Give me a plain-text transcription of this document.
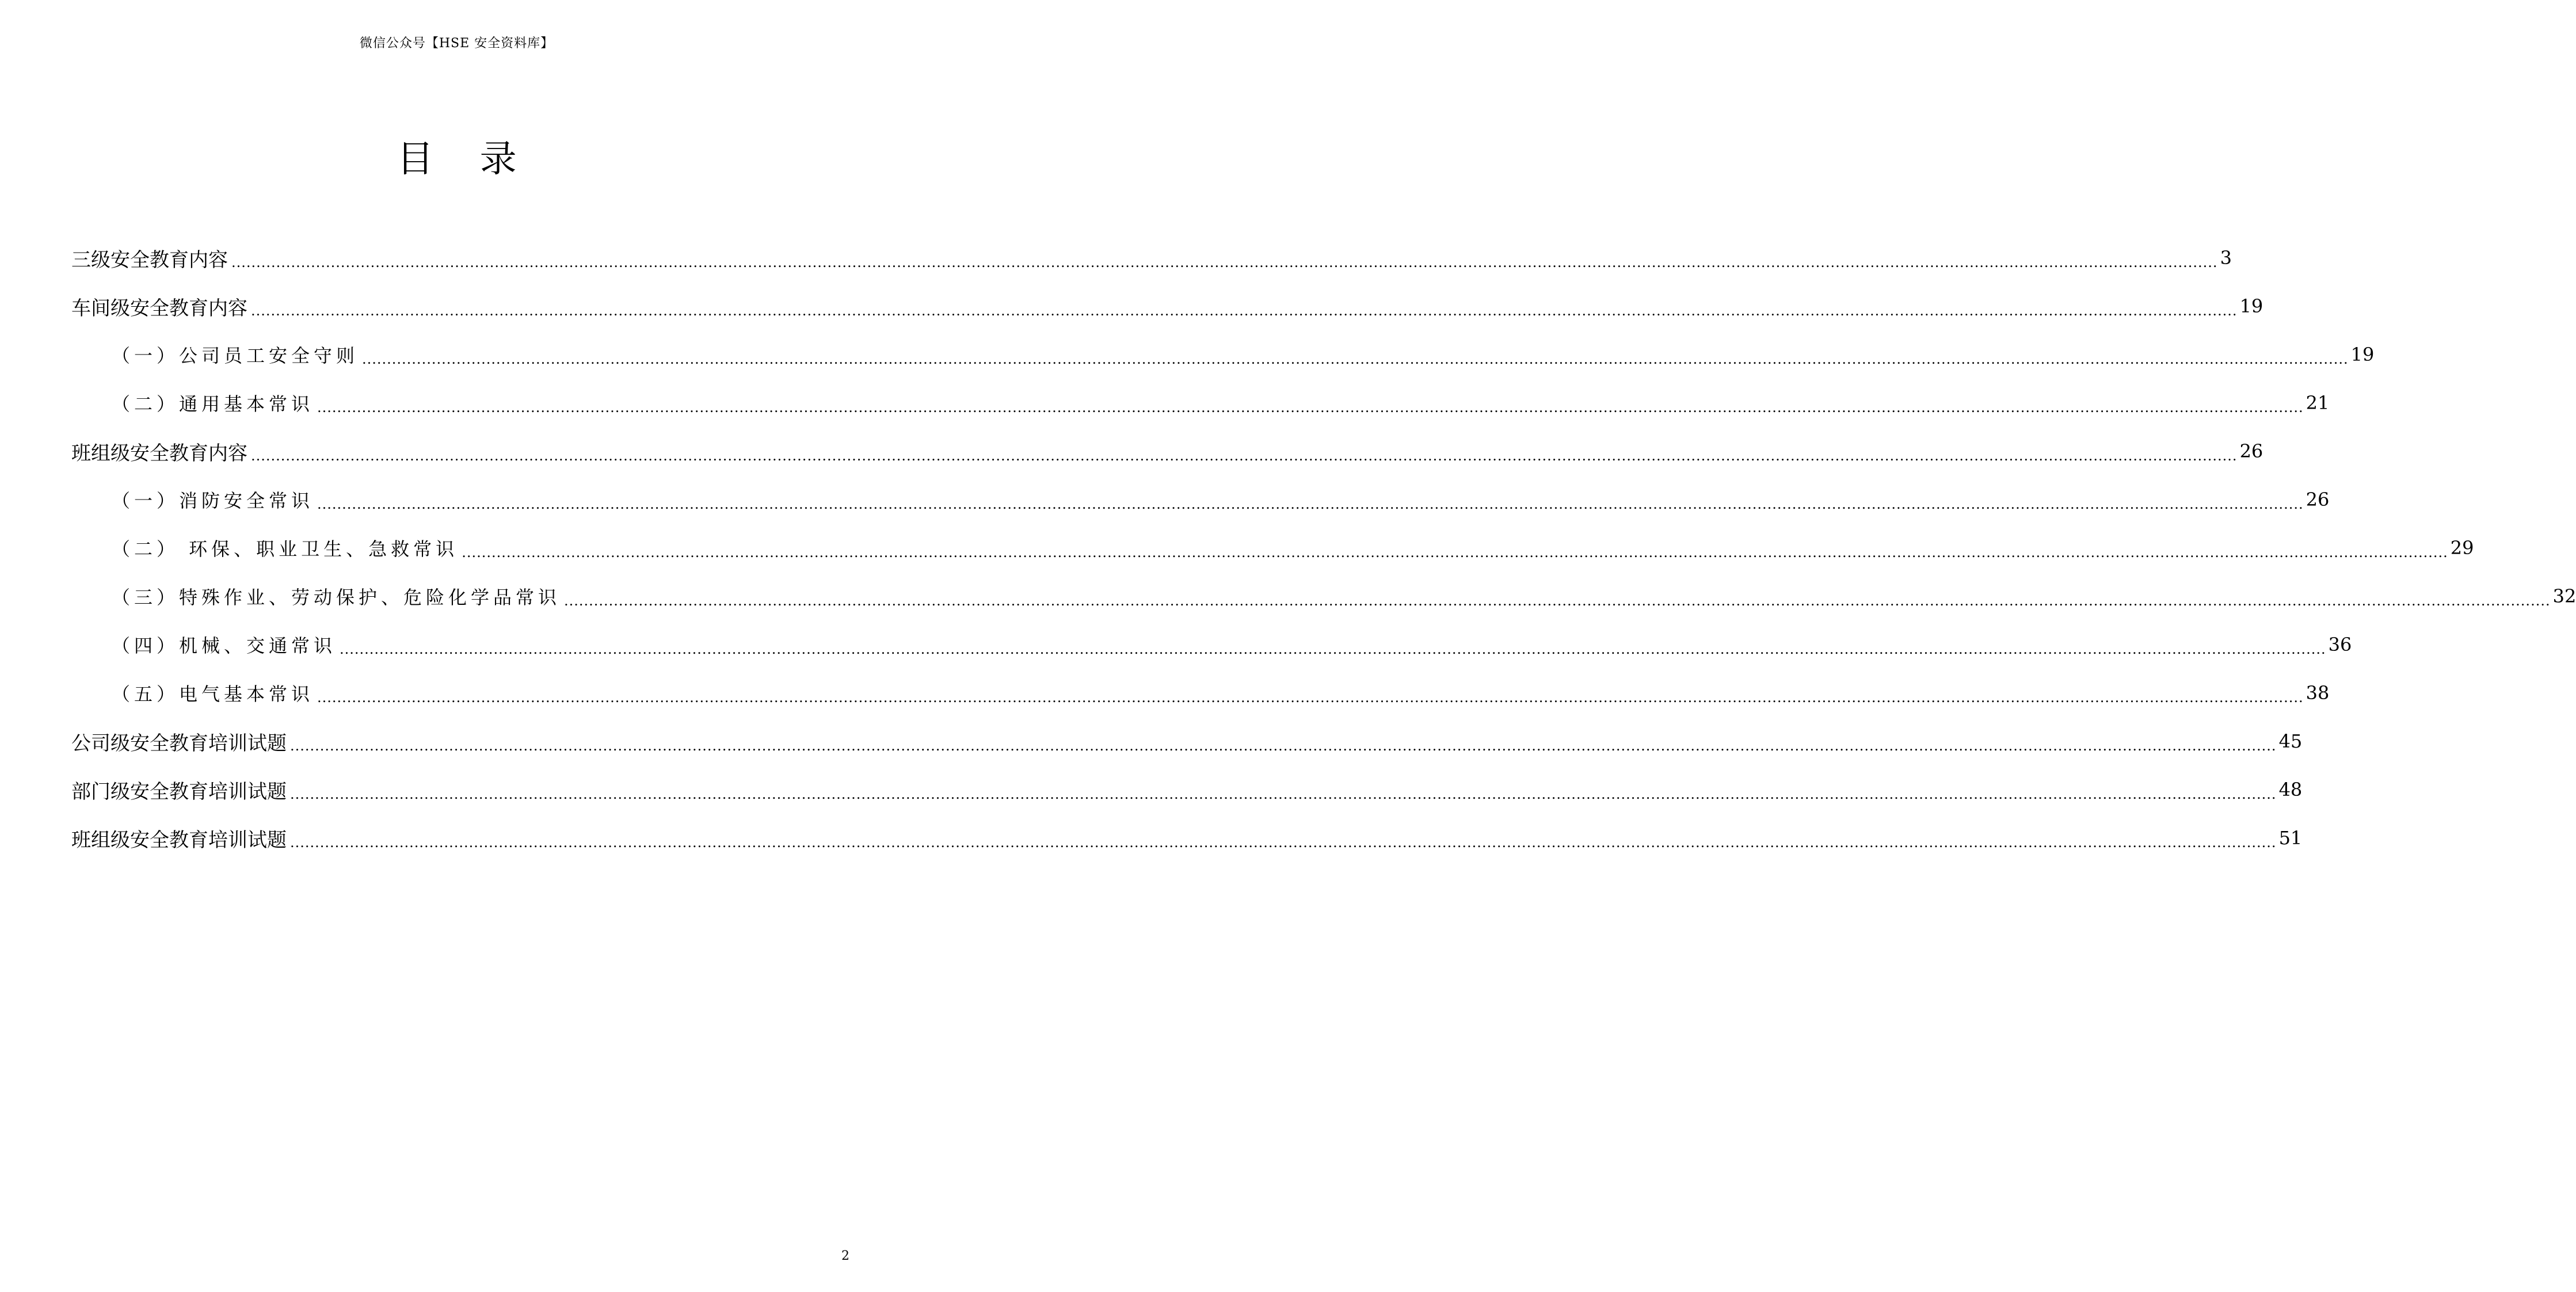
微信公众号【HSE 安全资料库】
目 录
三级安全教育内容 ................................................................................................................................................................................................................................................................................................................................................................................................................ 3
车间级安全教育内容 ................................................................................................................................................................................................................................................................................................................................................................................................................ 19
（一）公司员工安全守则 ................................................................................................................................................................................................................................................................................................................................................................................................................ 19
（二）通用基本常识 ................................................................................................................................................................................................................................................................................................................................................................................................................ 21
班组级安全教育内容 ................................................................................................................................................................................................................................................................................................................................................................................................................ 26
（一）消防安全常识 ................................................................................................................................................................................................................................................................................................................................................................................................................ 26
（二） 环保、职业卫生、急救常识 ................................................................................................................................................................................................................................................................................................................................................................................................................ 29
（三）特殊作业、劳动保护、危险化学品常识 ................................................................................................................................................................................................................................................................................................................................................................................................................ 32
（四）机械、交通常识 ................................................................................................................................................................................................................................................................................................................................................................................................................ 36
（五）电气基本常识 ................................................................................................................................................................................................................................................................................................................................................................................................................ 38
公司级安全教育培训试题 ................................................................................................................................................................................................................................................................................................................................................................................................................ 45
部门级安全教育培训试题 ................................................................................................................................................................................................................................................................................................................................................................................................................ 48
班组级安全教育培训试题 ................................................................................................................................................................................................................................................................................................................................................................................................................ 51
2
